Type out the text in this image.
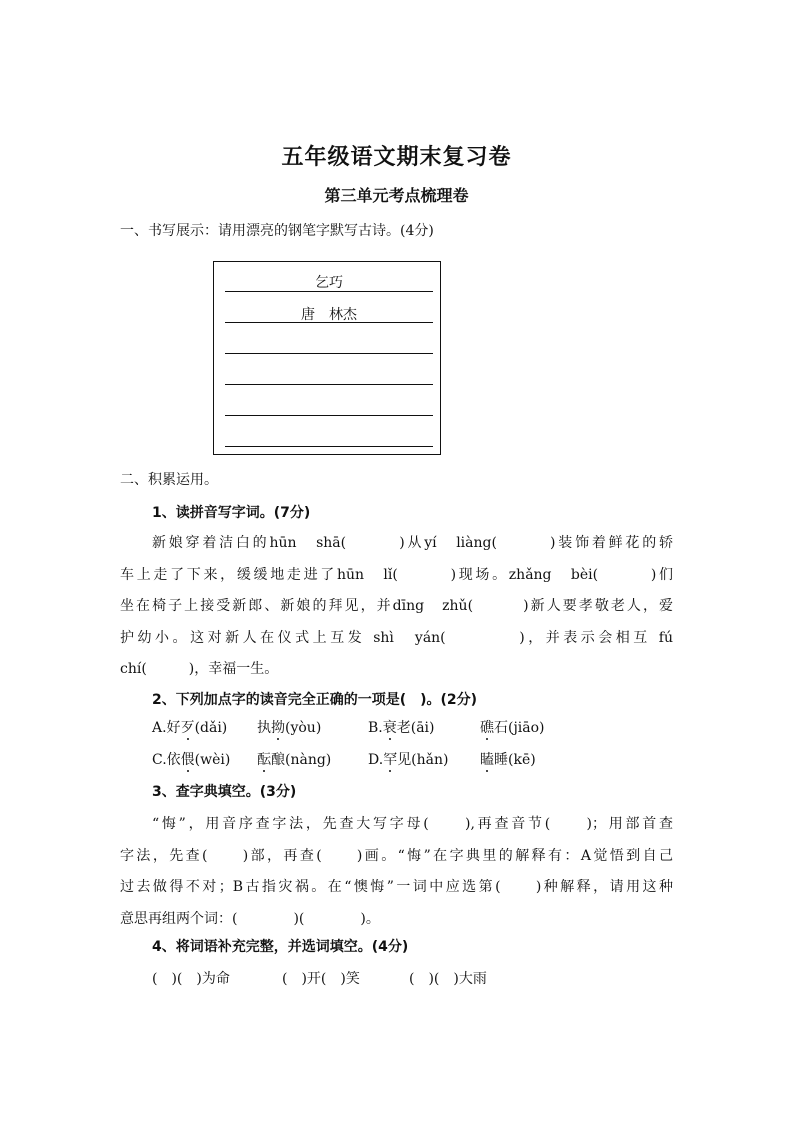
五年级语文期末复习卷
第三单元考点梳理卷
一、书写展示：请用漂亮的钢笔字默写古诗。(4分)
乞巧
唐　林杰
二、积累运用。
1、读拼音写字词。(7分)
新娘穿着洁白的hūn　shā(　　　)从yí　liàng(　　　)装饰着鲜花的轿
车上走了下来，缓缓地走进了hūn　lǐ(　　　)现场。zhǎng　bèi(　　　)们
坐在椅子上接受新郎、新娘的拜见，并dīng　zhǔ(　　　)新人要孝敬老人，爱
护幼小。这对新人在仪式上互发 shì　yán(　　　　)，并表示会相互 fú
chí(　　　)，幸福一生。
2、下列加点字的读音完全正确的一项是(　)。(2分)
A.好歹(dǎi) 执拗(yòu)	B.衰老(āi)	礁石(jiāo)
C.依偎(wèi) 酝酿(nàng)	D.罕见(hǎn) 瞌睡(kē)
3、查字典填空。(3分)
“悔”，用音序查字法，先查大写字母(　　),再查音节(　　)；用部首查
字法，先查(　　)部，再查(　　)画。“悔”在字典里的解释有：A觉悟到自己
过去做得不对；B古指灾祸。在“懊悔”一词中应选第(　　)种解释，请用这种
意思再组两个词：(　　　　)(　　　　)。
4、将词语补充完整，并选词填空。(4分)
(　)(　)为命	(　)开(　)笑	(　)(　)大雨
